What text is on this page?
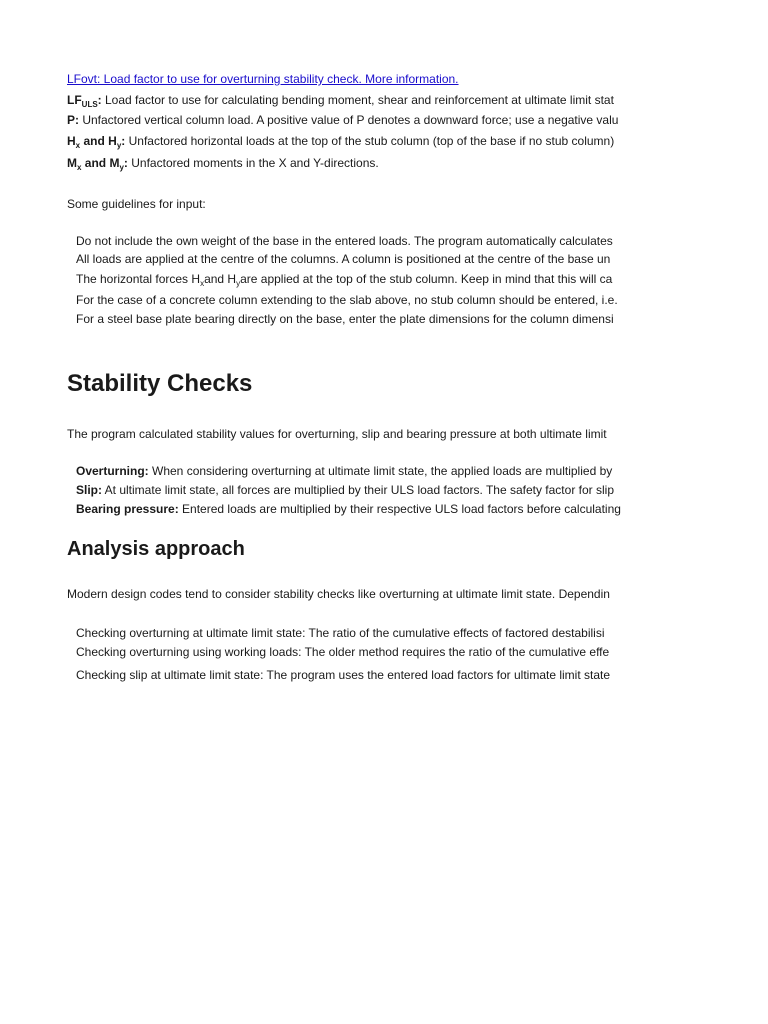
LFovt: Load factor to use for overturning stability check. More information.
$LF_{ULS}$: Load factor to use for calculating bending moment, shear and reinforcement at ultimate limit stat
P: Unfactored vertical column load. A positive value of P denotes a downward force; use a negative valu
$H_x$ and $H_y$: Unfactored horizontal loads at the top of the stub column (top of the base if no stub column)
$M_x$ and $M_y$: Unfactored moments in the X and Y-directions.
Some guidelines for input:
Do not include the own weight of the base in the entered loads. The program automatically calculates
All loads are applied at the centre of the columns. A column is positioned at the centre of the base un
The horizontal forces $H_xand$ $H_yare$ applied at the top of the stub column. Keep in mind that this will ca
For the case of a concrete column extending to the slab above, no stub column should be entered, i.e.
For a steel base plate bearing directly on the base, enter the plate dimensions for the column dimensi
Stability Checks
The program calculated stability values for overturning, slip and bearing pressure at both ultimate limit
Overturning: When considering overturning at ultimate limit state, the applied loads are multiplied by
Slip: At ultimate limit state, all forces are multiplied by their ULS load factors. The safety factor for slip
Bearing pressure: Entered loads are multiplied by their respective ULS load factors before calculating
Analysis approach
Modern design codes tend to consider stability checks like overturning at ultimate limit state. Dependin
Checking overturning at ultimate limit state: The ratio of the cumulative effects of factored destabilisi
Checking overturning using working loads: The older method requires the ratio of the cumulative effe
Checking slip at ultimate limit state: The program uses the entered load factors for ultimate limit state
